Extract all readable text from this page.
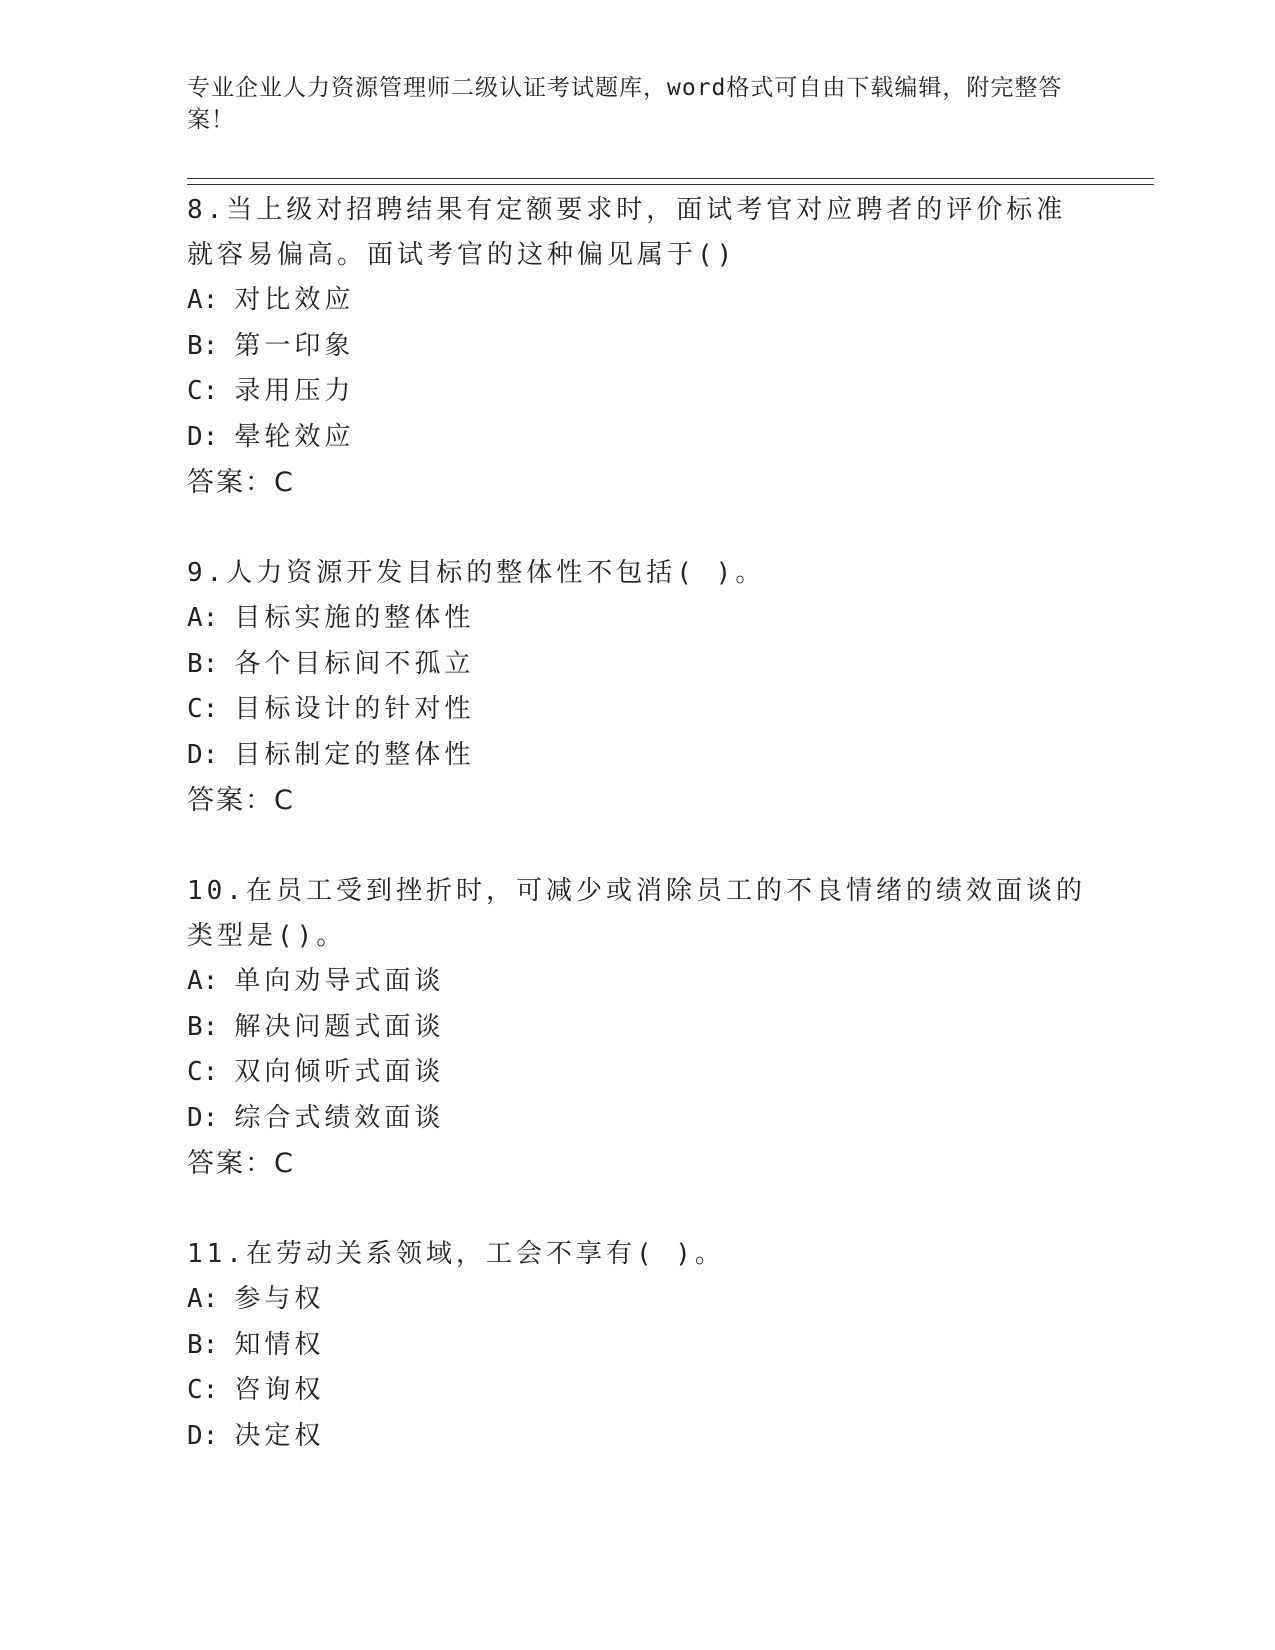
专业企业人力资源管理师二级认证考试题库，word格式可自由下载编辑，附完整答案！

8.当上级对招聘结果有定额要求时，面试考官对应聘者的评价标准就容易偏高。面试考官的这种偏见属于()

A: 对比效应
B: 第一印象
C: 录用压力
D: 晕轮效应
答案：C

9.人力资源开发目标的整体性不包括( )。

A: 目标实施的整体性
B: 各个目标间不孤立
C: 目标设计的针对性
D: 目标制定的整体性
答案：C

10.在员工受到挫折时，可减少或消除员工的不良情绪的绩效面谈的类型是()。

A: 单向劝导式面谈
B: 解决问题式面谈
C: 双向倾听式面谈
D: 综合式绩效面谈
答案：C

11.在劳动关系领域，工会不享有( )。

A: 参与权
B: 知情权
C: 咨询权
D: 决定权
